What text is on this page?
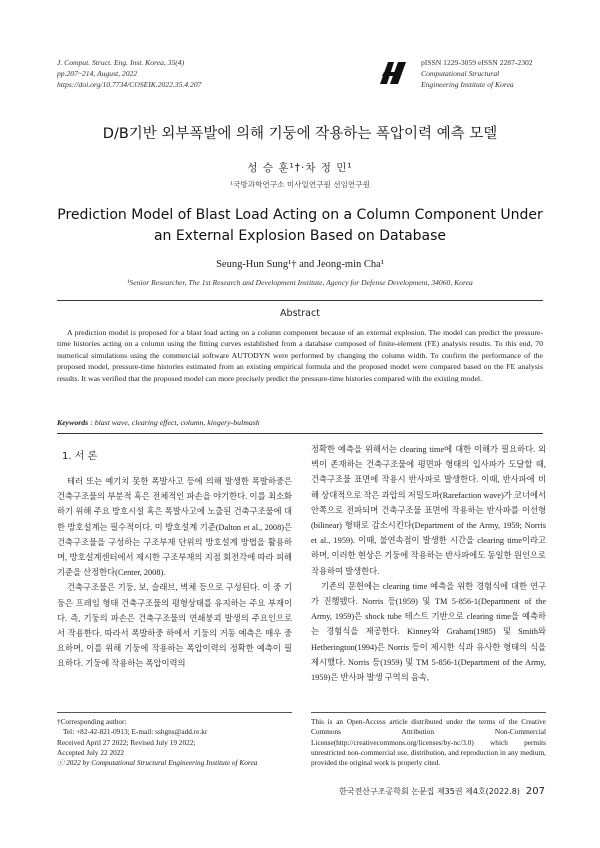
J. Comput. Struct. Eng. Inst. Korea, 35(4)
pp.207~214, August, 2022
https://doi.org/10.7734/COSEIK.2022.35.4.207
pISSN 1229-3059 eISSN 2287-2302
Computational Structural
Engineering Institute of Korea
D/B기반 외부폭발에 의해 기둥에 작용하는 폭압이력 예측 모델
성 승 훈¹†·차 정 민¹
¹국방과학연구소 미사일연구원 선임연구원
Prediction Model of Blast Load Acting on a Column Component Under
an External Explosion Based on Database
Seung-Hun Sung¹† and Jeong-min Cha¹
¹Senior Researcher, The 1st Research and Development Institute, Agency for Defense Development, 34060, Korea
Abstract
A prediction model is proposed for a blast load acting on a column component because of an external explosion. The model can predict the pressure-time histories acting on a column using the fitting curves established from a database composed of finite-element (FE) analysis results. To this end, 70 numerical simulations using the commercial software AUTODYN were performed by changing the column width. To confirm the performance of the proposed model, pressure-time histories estimated from an existing empirical formula and the proposed model were compared based on the FE analysis results. It was verified that the proposed model can more precisely predict the pressure-time histories compared with the existing model.
Keywords : blast wave, clearing effect, column, kingery-bulmash
1. 서 론

테러 또는 예기치 못한 폭발사고 등에 의해 발생한 폭발하중은 건축구조물의 부분적 혹은 전체적인 파손을 야기한다. 이를 최소화하기 위해 주요 방호시설 혹은 폭발사고에 노출된 건축구조물에 대한 방호설계는 필수적이다. 미 방호설계 기준(Dalton et al., 2008)은 건축구조물을 구성하는 구조부재 단위의 방호설계 방법을 활용하며, 방호설계센터에서 제시한 구조부재의 지점 회전각에 따라 피해기준을 산정한다(Center, 2008).

건축구조물은 기둥, 보, 슬래브, 벽체 등으로 구성된다. 이 중 기둥은 프레임 형태 건축구조물의 평형상태를 유지하는 주요 부재이다. 즉, 기둥의 파손은 건축구조물의 연쇄붕괴 발생의 주요인으로서 작용한다. 따라서 폭발하중 하에서 기둥의 거동 예측은 매우 중요하며, 이를 위해 기둥에 작용하는 폭압이력의 정확한 예측이 필요하다. 기둥에 작용하는 폭압이력의

정확한 예측을 위해서는 clearing time에 대한 이해가 필요하다. 외벽이 존재하는 건축구조물에 평면파 형태의 입사파가 도달할 때, 건축구조물 표면에 작용시 반사파로 발생한다. 이때, 반사파에 비해 상대적으로 작은 과압의 저밀도파(Rarefaction wave)가 코너에서 안쪽으로 전파되며 건축구조물 표면에 작용하는 반사파를 이선형(bilinear) 형태로 감소시킨다(Department of the Army, 1959; Norris et al., 1959). 이때, 불연속점이 발생한 시간을 clearing time이라고 하며, 이러한 현상은 기둥에 작용하는 반사파에도 동일한 원인으로 작용하여 발생한다.

기존의 문헌에는 clearing time 예측을 위한 경험식에 대한 연구가 진행됐다. Norris 등(1959) 및 TM 5-856-1(Department of the Army, 1959)은 shock tube 테스트 기반으로 clearing time을 예측하는 경험식을 제공한다. Kinney와 Graham(1985) 및 Smith와 Hetherington(1994)은 Norris 등이 제시한 식과 유사한 형태의 식을 제시했다. Norris 등(1959) 및 TM 5-856-1(Department of the Army, 1959)은 반사파 발생 구역의 음속,

†Corresponding author:
Tel: +82-42-821-0913; E-mail: sshgns@add.re.kr
Received April 27 2022; Revised July 19 2022;
Accepted July 22 2022
ⓒ 2022 by Computational Structural Engineering Institute of Korea
This is an Open-Access article distributed under the terms of the Creative Commons Attribution Non-Commercial License(http://creativecommons.org/licenses/by-nc/3.0) which permits unrestricted non-commercial use, distribution, and reproduction in any medium, provided the original work is properly cited.
한국전산구조공학회 논문집 제35권 제4호(2022.8) 207
